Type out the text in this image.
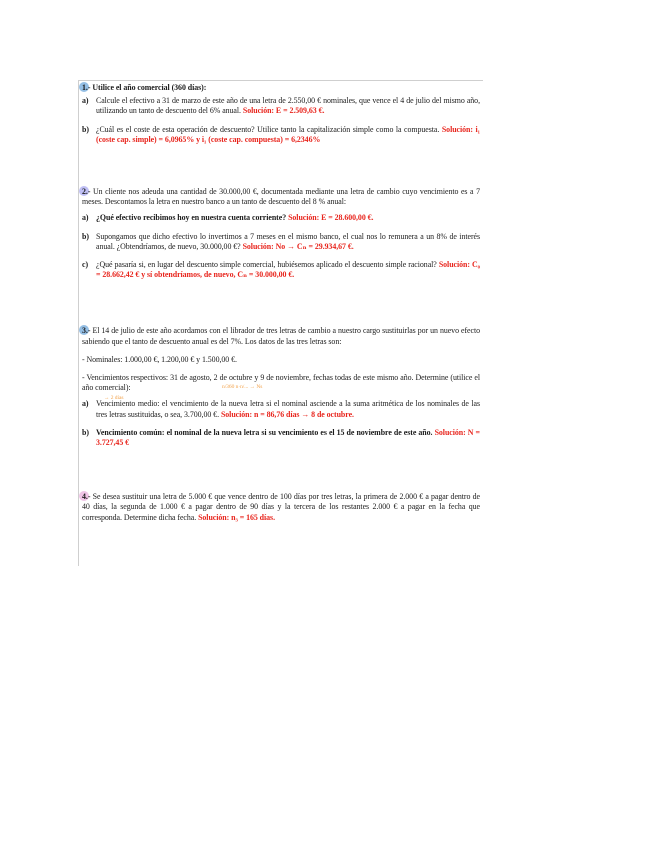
1.- Utilice el año comercial (360 días):

a) Calcule el efectivo a 31 de marzo de este año de una letra de 2.550,00 € nominales, que vence el 4 de julio del mismo año, utilizando un tanto de descuento del 6% anual. Solución: E = 2.509,63 €.
b) ¿Cuál es el coste de esta operación de descuento? Utilice tanto la capitalización simple como la compuesta. Solución: i₁ (coste cap. simple) = 6,0965% y i₁ (coste cap. compuesta) = 6,2346%

2.- Un cliente nos adeuda una cantidad de 30.000,00 €, documentada mediante una letra de cambio cuyo vencimiento es a 7 meses. Descontamos la letra en nuestro banco a un tanto de descuento del 8 % anual:

a) ¿Qué efectivo recibimos hoy en nuestra cuenta corriente? Solución: E = 28.600,00 €.
b) Supongamos que dicho efectivo lo invertimos a 7 meses en el mismo banco, el cual nos lo remunera a un 8% de interés anual. ¿Obtendríamos, de nuevo, 30.000,00 €? Solución: No → Cₙ = 29.934,67 €.
c)	¿Qué pasaría si, en lugar del descuento simple comercial, hubiésemos aplicado el descuento simple racional? Solución: C₀ = 28.662,42 € y sí obtendríamos, de nuevo, Cₙ = 30.000,00 €.

3.- El 14 de julio de este año acordamos con el librador de tres letras de cambio a nuestro cargo sustituirlas por un nuevo efecto sabiendo que el tanto de descuento anual es del 7%. Los datos de las tres letras son:

- Nominales: 1.000,00 €, 1.200,00 € y 1.500,00 €.

- Vencimientos respectivos: 31 de agosto, 2 de octubre y 9 de noviembre, fechas todas de este mismo año. Determine (utilice el año comercial):	n/360 n·n/... → Ns
→ 2 días

a) Vencimiento medio: el vencimiento de la nueva letra si el nominal asciende a la suma aritmética de los nominales de las tres letras sustituidas, o sea, 3.700,00 €. Solución: n = 86,76 días → 8 de octubre.
b) Vencimiento común: el nominal de la nueva letra si su vencimiento es el 15 de noviembre de este año. Solución: N = 3.727,45 €

4.- Se desea sustituir una letra de 5.000 € que vence dentro de 100 días por tres letras, la primera de 2.000 € a pagar dentro de 40 días, la segunda de 1.000 € a pagar dentro de 90 días y la tercera de los restantes 2.000 € a pagar en la fecha que corresponda. Determine dicha fecha. Solución: n₃ = 165 días.
